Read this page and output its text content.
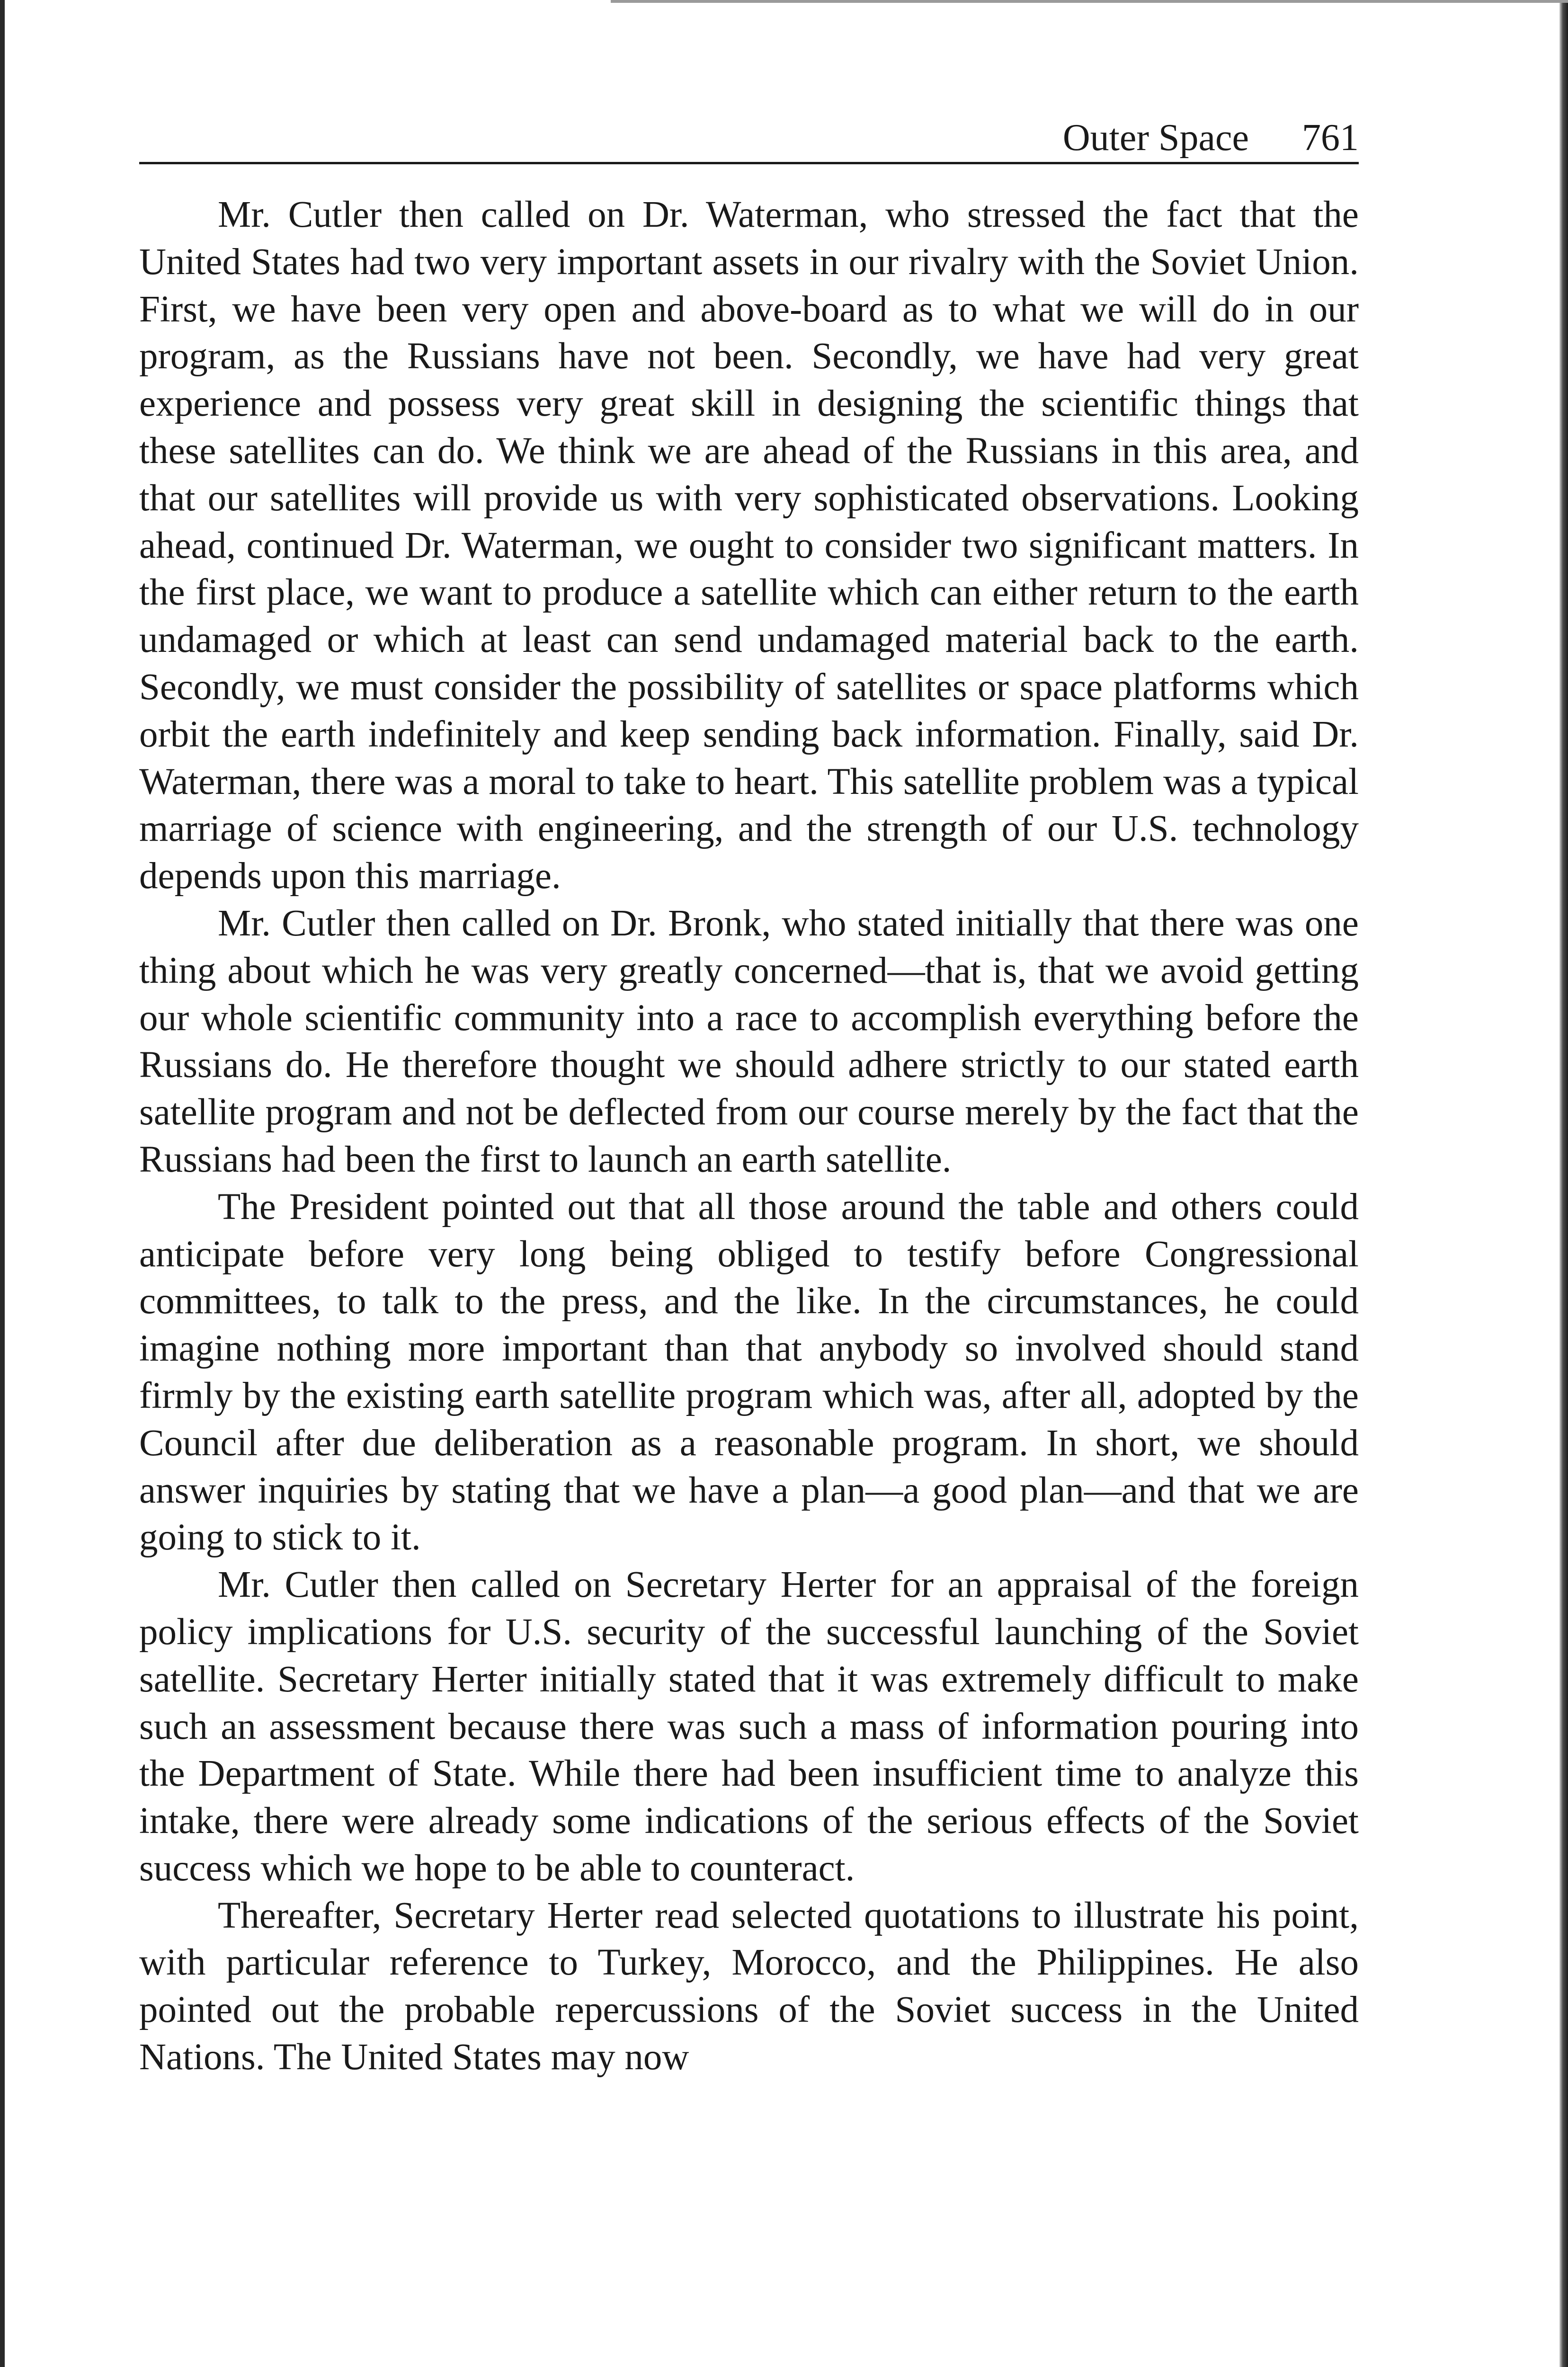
Outer Space 761

Mr. Cutler then called on Dr. Waterman, who stressed the fact that the United States had two very important assets in our rivalry with the Soviet Union. First, we have been very open and above-board as to what we will do in our program, as the Russians have not been. Secondly, we have had very great experience and possess very great skill in designing the scientific things that these satellites can do. We think we are ahead of the Russians in this area, and that our satellites will provide us with very sophisticated observations. Looking ahead, continued Dr. Waterman, we ought to consider two significant matters. In the first place, we want to produce a satellite which can either return to the earth undamaged or which at least can send undamaged material back to the earth. Secondly, we must consider the possibility of satellites or space platforms which orbit the earth indefinitely and keep sending back information. Finally, said Dr. Waterman, there was a moral to take to heart. This satellite problem was a typical marriage of science with engineering, and the strength of our U.S. technology depends upon this marriage.

Mr. Cutler then called on Dr. Bronk, who stated initially that there was one thing about which he was very greatly concerned—that is, that we avoid getting our whole scientific community into a race to accomplish everything before the Russians do. He therefore thought we should adhere strictly to our stated earth satellite program and not be deflected from our course merely by the fact that the Russians had been the first to launch an earth satellite.

The President pointed out that all those around the table and others could anticipate before very long being obliged to testify before Congressional committees, to talk to the press, and the like. In the circumstances, he could imagine nothing more important than that anybody so involved should stand firmly by the existing earth satellite program which was, after all, adopted by the Council after due deliberation as a reasonable program. In short, we should answer inquiries by stating that we have a plan—a good plan—and that we are going to stick to it.

Mr. Cutler then called on Secretary Herter for an appraisal of the foreign policy implications for U.S. security of the successful launching of the Soviet satellite. Secretary Herter initially stated that it was extremely difficult to make such an assessment because there was such a mass of information pouring into the Department of State. While there had been insufficient time to analyze this intake, there were already some indications of the serious effects of the Soviet success which we hope to be able to counteract.

Thereafter, Secretary Herter read selected quotations to illustrate his point, with particular reference to Turkey, Morocco, and the Philippines. He also pointed out the probable repercussions of the Soviet success in the United Nations. The United States may now
